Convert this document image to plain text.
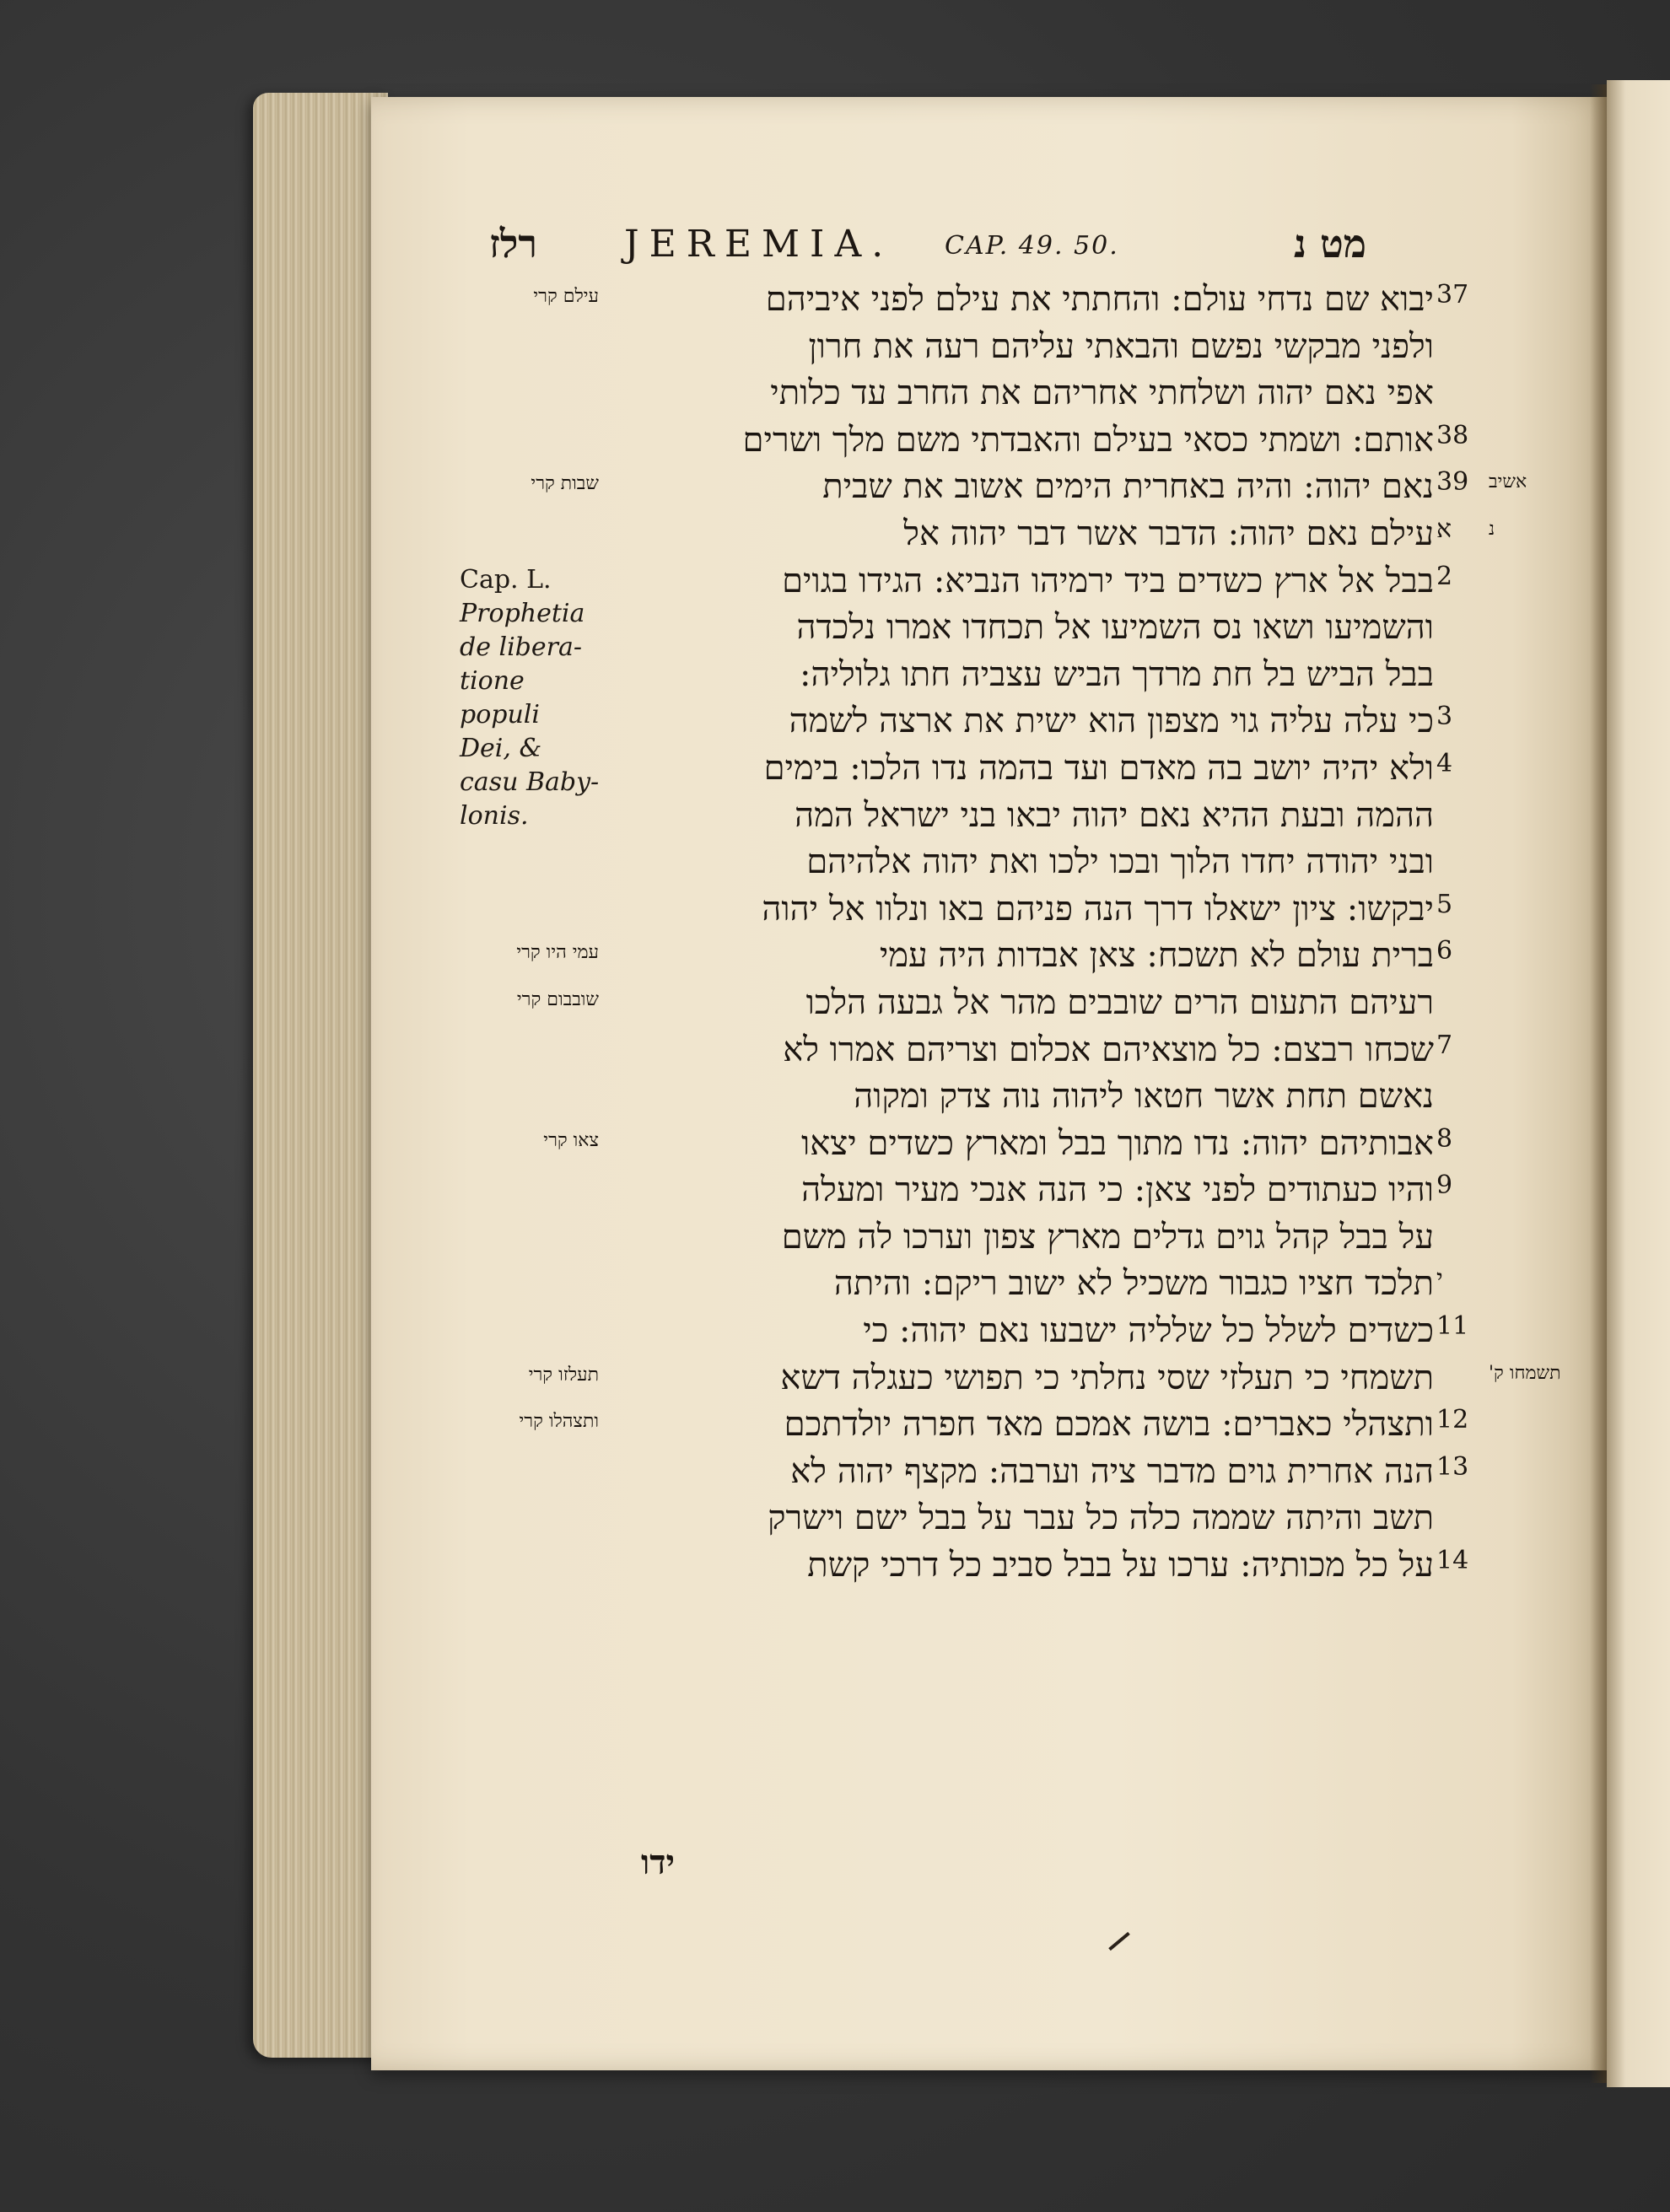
רלז JEREMIA. CAP. 49. 50.	מט נ
Cap. L.
Prophetia
de libera-
tione populi
Dei, &
casu Baby-
lonis.
יבוא שם נדחי עולם: והחתתי את עילם לפני איביהם 37
עילם קרי
ולפני מבקשי נפשם והבאתי עליהם רעה את חרון
אפי נאם יהוה ושלחתי אחריהם את החרב עד כלותי
אותם: ושמתי כסאי בעילם והאבדתי משם מלך ושרים 38
נאם יהוה: והיה באחרית הימים אשוב את שבית 39
שבות קרי	אשיב
עילם נאם יהוה: הדבר אשר דבר יהוה אל א נ
בבל אל ארץ כשדים ביד ירמיהו הנביא: הגידו בגוים 2
והשמיעו ושאו נס השמיעו אל תכחדו אמרו נלכדה
בבל הביש בל חת מרדך הביש עצביה חתו גלוליה:
כי עלה עליה גוי מצפון הוא ישית את ארצה לשמה 3
ולא יהיה יושב בה מאדם ועד בהמה נדו הלכו: בימים 4
ההמה ובעת ההיא נאם יהוה יבאו בני ישראל המה
ובני יהודה יחדו הלוך ובכו ילכו ואת יהוה אלהיהם
יבקשו: ציון ישאלו דרך הנה פניהם באו ונלוו אל יהוה 5
ברית עולם לא תשכח: צאן אבדות היה עמי 6
עמי היו קרי
רעיהם התעום הרים שובבים מהר אל גבעה הלכו
שובבום קרי
שכחו רבצם: כל מוצאיהם אכלום וצריהם אמרו לא 7
נאשם תחת אשר חטאו ליהוה נוה צדק ומקוה
אבותיהם יהוה: נדו מתוך בבל ומארץ כשדים יצאו 8
צאו קרי
והיו כעתודים לפני צאן: כי הנה אנכי מעיר ומעלה 9
על בבל קהל גוים גדלים מארץ צפון וערכו לה משם
תלכד חציו כגבור משכיל לא ישוב ריקם: והיתה י
כשדים לשלל כל שלליה ישבעו נאם יהוה: כי 11
תשמחי כי תעלזי שסי נחלתי כי תפושי כעגלה דשא
תעלזו קרי	תשמחו ק'
ותצהלי כאברים: בושה אמכם מאד חפרה יולדתכם 12
ותצהלו קרי
הנה אחרית גוים מדבר ציה וערבה: מקצף יהוה לא 13
תשב והיתה שממה כלה כל עבר על בבל ישם וישרק
על כל מכותיה: ערכו על בבל סביב כל דרכי קשת 14
ידו
